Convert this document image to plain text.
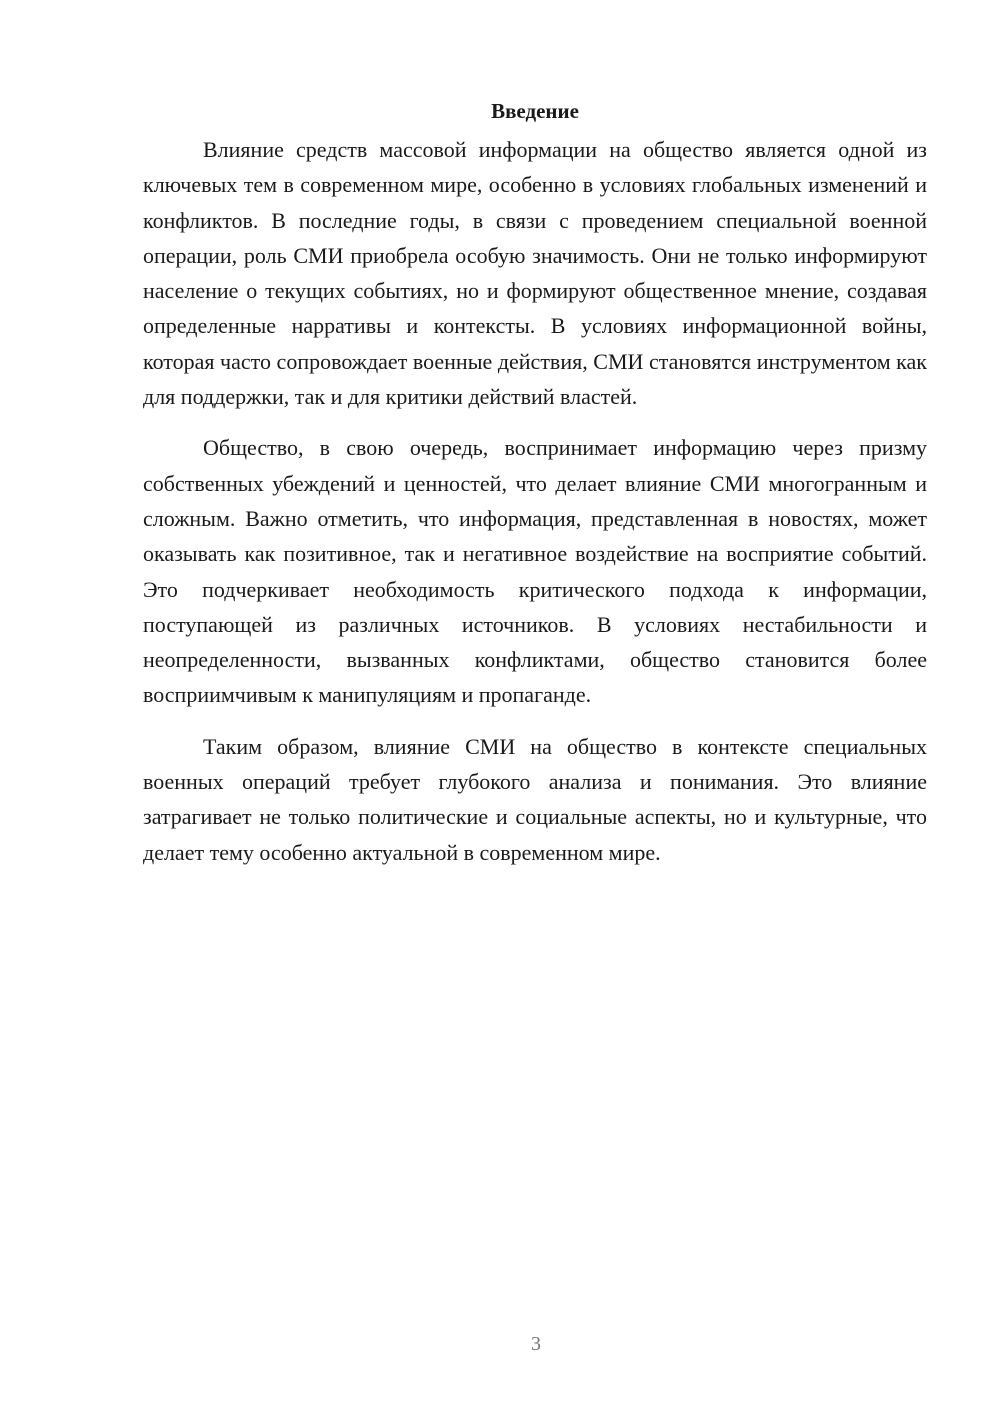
Введение

Влияние средств массовой информации на общество является одной из ключевых тем в современном мире, особенно в условиях глобальных изменений и конфликтов. В последние годы, в связи с проведением специальной военной операции, роль СМИ приобрела особую значимость. Они не только информируют население о текущих событиях, но и формируют общественное мнение, создавая определенные нарративы и контексты. В условиях информационной войны, которая часто сопровождает военные действия, СМИ становятся инструментом как для поддержки, так и для критики действий властей.

Общество, в свою очередь, воспринимает информацию через призму собственных убеждений и ценностей, что делает влияние СМИ многогранным и сложным. Важно отметить, что информация, представленная в новостях, может оказывать как позитивное, так и негативное воздействие на восприятие событий. Это подчеркивает необходимость критического подхода к информации, поступающей из различных источников. В условиях нестабильности и неопределенности, вызванных конфликтами, общество становится более восприимчивым к манипуляциям и пропаганде.

Таким образом, влияние СМИ на общество в контексте специальных военных операций требует глубокого анализа и понимания. Это влияние затрагивает не только политические и социальные аспекты, но и культурные, что делает тему особенно актуальной в современном мире.

3
